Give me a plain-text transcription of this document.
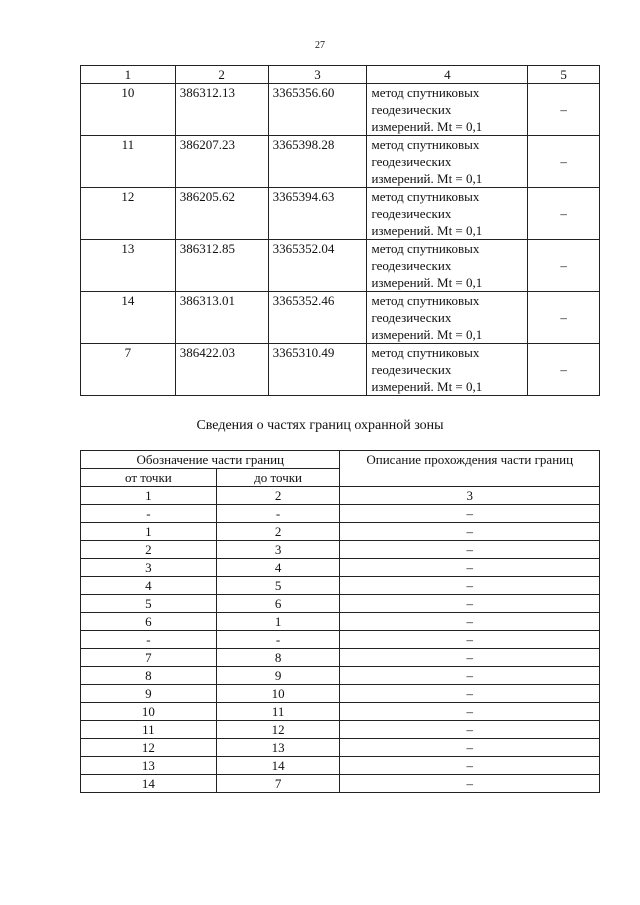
27
1	2	3	4	5
10	386312.13	3365356.60	метод спутниковых
геодезических
измерений. Mt = 0,1	–
11	386207.23	3365398.28	метод спутниковых
геодезических
измерений. Mt = 0,1	–
12	386205.62	3365394.63	метод спутниковых
геодезических
измерений. Mt = 0,1	–
13	386312.85	3365352.04	метод спутниковых
геодезических
измерений. Mt = 0,1	–
14	386313.01	3365352.46	метод спутниковых
геодезических
измерений. Mt = 0,1	–
7	386422.03	3365310.49	метод спутниковых
геодезических
измерений. Mt = 0,1	–
Сведения о частях границ охранной зоны
Обозначение части границ		Описание прохождения части границ
от точки	до точки	
1	2	3
-	-	–
1	2	–
2	3	–
3	4	–
4	5	–
5	6	–
6	1	–
-	-	–
7	8	–
8	9	–
9	10	–
10	11	–
11	12	–
12	13	–
13	14	–
14	7	–
